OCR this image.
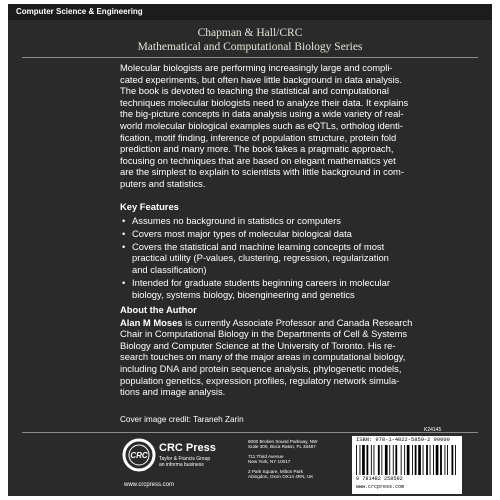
Computer Science & Engineering
Chapman & Hall/CRC
Mathematical and Computational Biology Series

Molecular biologists are performing increasingly large and compli-

cated experiments, but often have little background in data analysis.

The book is devoted to teaching the statistical and computational

techniques molecular biologists need to analyze their data. It explains

the big-picture concepts in data analysis using a wide variety of real-

world molecular biological examples such as eQTLs, ortholog identi-

fication, motif finding, inference of population structure, protein fold

prediction and many more. The book takes a pragmatic approach,

focusing on techniques that are based on elegant mathematics yet

are the simplest to explain to scientists with little background in com-

puters and statistics.

Key Features

• Assumes no background in statistics or computers
• Covers most major types of molecular biological data
• Covers the statistical and machine learning concepts of most
practical utility (P-values, clustering, regression, regularization
and classification)
• Intended for graduate students beginning careers in molecular
biology, systems biology, bioengineering and genetics

About the Author

Alan M Moses is currently Associate Professor and Canada Research

Chair in Computational Biology in the Departments of Cell & Systems

Biology and Computer Science at the University of Toronto. His re-

search touches on many of the major areas in computational biology,

including DNA and protein sequence analysis, phylogenetic models,

population genetics, expression profiles, regulatory network simula-

tions and image analysis.

Cover image credit: Taraneh Zarin
CRC
CRC Press
Taylor & Francis Group
an informa business
www.crcpress.com
6000 Broken Sound Parkway, NW
Suite 300, Boca Raton, FL 33487
711 Third Avenue
New York, NY 10017
2 Park Square, Milton Park
Abingdon, Oxon OX14 4RN, UK
K24145
ISBN: 978-1-4822-5859-2 90000
9 781482 258592
www.crcpress.com
